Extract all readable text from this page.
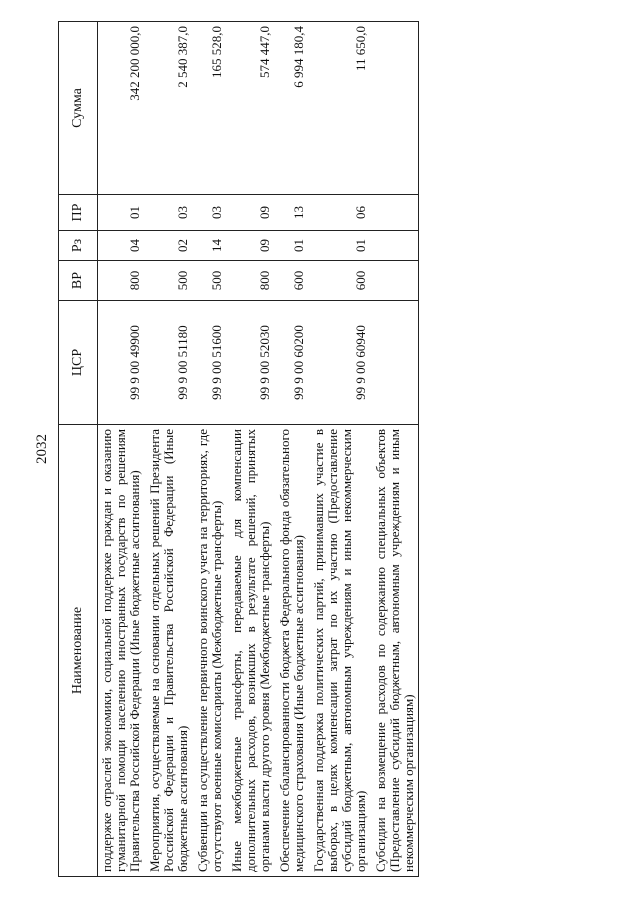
2032
Наименование	ЦСР	ВР	Рз	ПР	Сумма
поддержке отраслей экономики, социальной поддержке граждан и оказанию гуманитарной помощи населению иностранных государств по решениям Правительства Российской Федерации (Иные бюджетные ассигнования)	99 9 00 49900	800	04	01	342 200 000,0
Мероприятия, осуществляемые на основании отдельных решений Президента Российской Федерации и Правительства Российской Федерации (Иные бюджетные ассигнования)	99 9 00 51180	500	02	03	2 540 387,0
Субвенции на осуществление первичного воинского учета на территориях, где отсутствуют военные комиссариаты (Межбюджетные трансферты)	99 9 00 51600	500	14	03	165 528,0
Иные межбюджетные трансферты, передаваемые для компенсации дополнительных расходов, возникших в результате решений, принятых органами власти другого уровня (Межбюджетные трансферты)	99 9 00 52030	800	09	09	574 447,0
Обеспечение сбалансированности бюджета Федерального фонда обязательного медицинского страхования (Иные бюджетные ассигнования)	99 9 00 60200	600	01	13	6 994 180,4
Государственная поддержка политических партий, принимавших участие в выборах, в целях компенсации затрат по их участию (Предоставление субсидий бюджетным, автономным учреждениям и иным некоммерческим организациям)	99 9 00 60940	600	01	06	11 650,0
Субсидии на возмещение расходов по содержанию специальных объектов (Предоставление субсидий бюджетным, автономным учреждениям и иным некоммерческим организациям)					
